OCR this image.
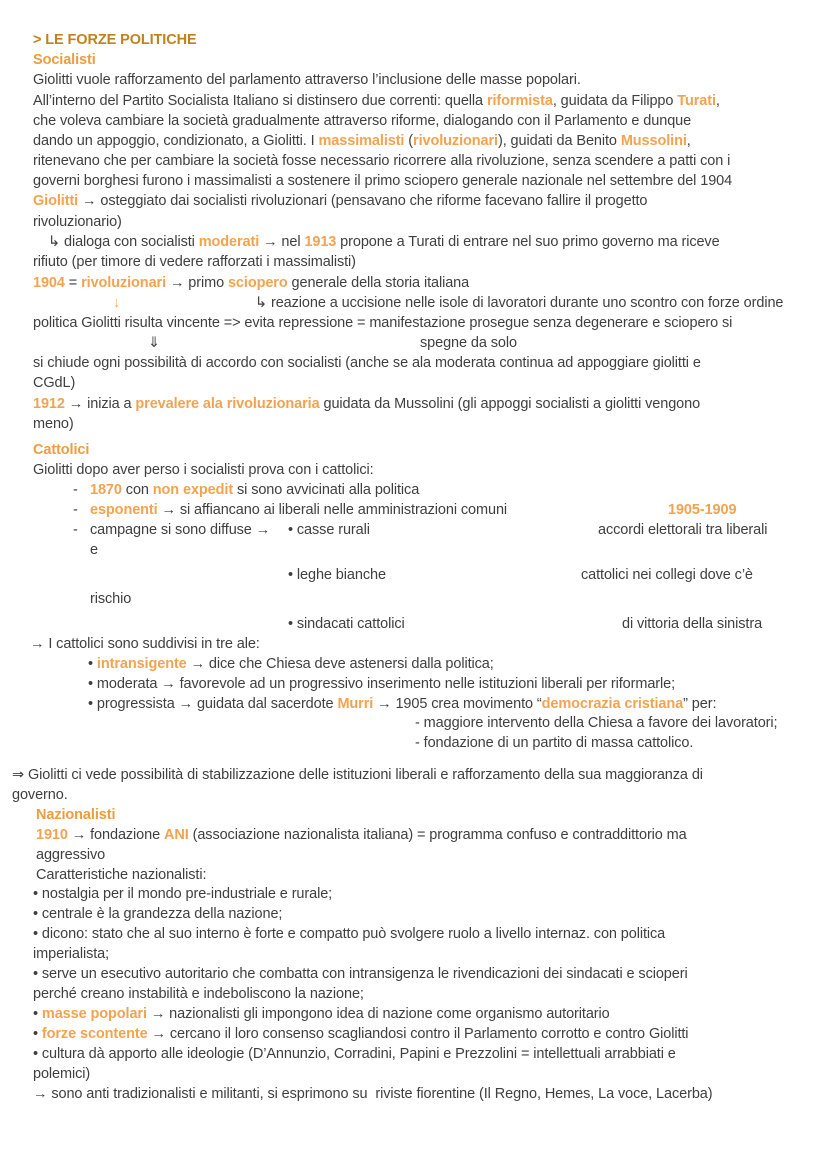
> LE FORZE POLITICHE
Socialisti
Giolitti vuole rafforzamento del parlamento attraverso l’inclusione delle masse popolari.
All’interno del Partito Socialista Italiano si distinsero due correnti: quella riformista, guidata da Filippo Turati,
che voleva cambiare la società gradualmente attraverso riforme, dialogando con il Parlamento e dunque
dando un appoggio, condizionato, a Giolitti. I massimalisti (rivoluzionari), guidati da Benito Mussolini,
ritenevano che per cambiare la società fosse necessario ricorrere alla rivoluzione, senza scendere a patti con i
governi borghesi furono i massimalisti a sostenere il primo sciopero generale nazionale nel settembre del 1904
Giolitti → osteggiato dai socialisti rivoluzionari (pensavano che riforme facevano fallire il progetto
rivoluzionario)
↳ dialoga con socialisti moderati → nel 1913 propone a Turati di entrare nel suo primo governo ma riceve
rifiuto (per timore di vedere rafforzati i massimalisti)
1904 = rivoluzionari → primo sciopero generale della storia italiana
↓	↳ reazione a uccisione nelle isole di lavoratori durante uno scontro con forze ordine
politica Giolitti risulta vincente => evita repressione = manifestazione prosegue senza degenerare e sciopero si
⇓	spegne da solo
si chiude ogni possibilità di accordo con socialisti (anche se ala moderata continua ad appoggiare giolitti e
CGdL)
1912 → inizia a prevalere ala rivoluzionaria guidata da Mussolini (gli appoggi socialisti a giolitti vengono
meno)
Cattolici
Giolitti dopo aver perso i socialisti prova con i cattolici:
- 1870 con non expedit si sono avvicinati alla politica
- esponenti → si affiancano ai liberali nelle amministrazioni comuni	1905-1909
- campagne si sono diffuse → • casse rurali	accordi elettorali tra liberali
e
• leghe bianche	cattolici nei collegi dove c’è
rischio
• sindacati cattolici	di vittoria della sinistra
→ I cattolici sono suddivisi in tre ale:
• intransigente → dice che Chiesa deve astenersi dalla politica;
• moderata → favorevole ad un progressivo inserimento nelle istituzioni liberali per riformarle;
• progressista → guidata dal sacerdote Murri → 1905 crea movimento “democrazia cristiana” per:
- maggiore intervento della Chiesa a favore dei lavoratori;
- fondazione di un partito di massa cattolico.
⇒ Giolitti ci vede possibilità di stabilizzazione delle istituzioni liberali e rafforzamento della sua maggioranza di
governo.
Nazionalisti
1910 → fondazione ANI (associazione nazionalista italiana) = programma confuso e contraddittorio ma
aggressivo
Caratteristiche nazionalisti:
• nostalgia per il mondo pre-industriale e rurale;
• centrale è la grandezza della nazione;
• dicono: stato che al suo interno è forte e compatto può svolgere ruolo a livello internaz. con politica
imperialista;
• serve un esecutivo autoritario che combatta con intransigenza le rivendicazioni dei sindacati e scioperi
perché creano instabilità e indeboliscono la nazione;
• masse popolari → nazionalisti gli impongono idea di nazione come organismo autoritario
• forze scontente → cercano il loro consenso scagliandosi contro il Parlamento corrotto e contro Giolitti
• cultura dà apporto alle ideologie (D’Annunzio, Corradini, Papini e Prezzolini = intellettuali arrabbiati e
polemici)
→ sono anti tradizionalisti e militanti, si esprimono su  riviste fiorentine (Il Regno, Hemes, La voce, Lacerba)
